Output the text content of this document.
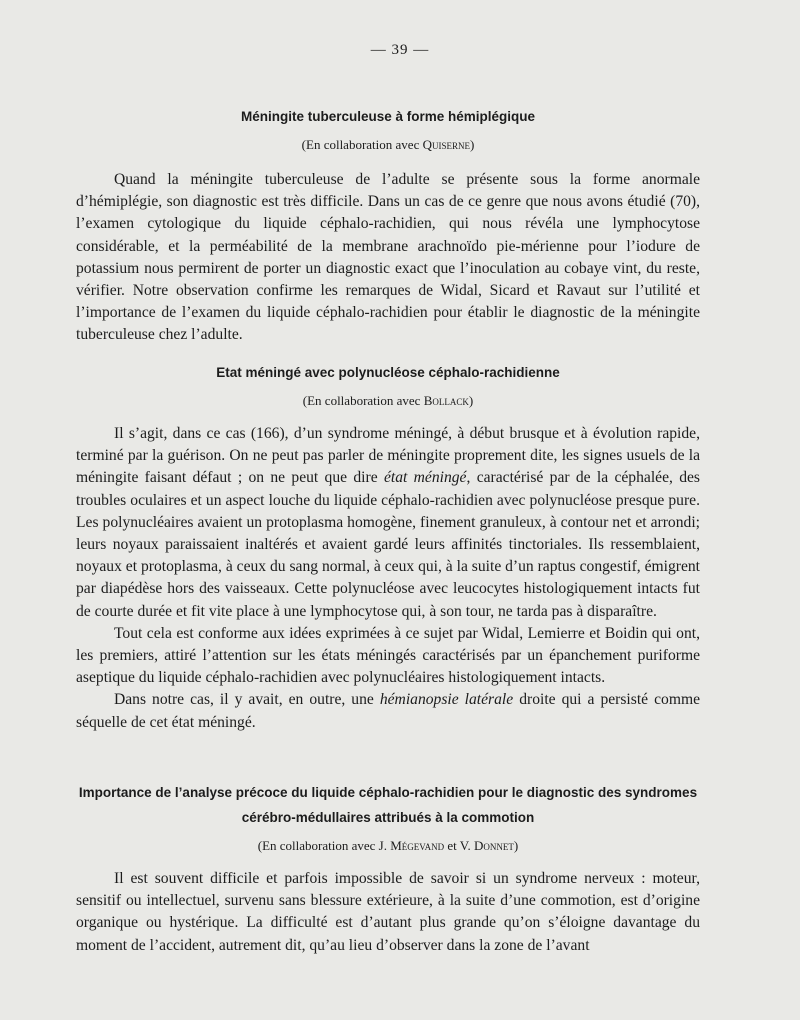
— 39 —
Méningite tuberculeuse à forme hémiplégique
(En collaboration avec Quiserne)

Quand la méningite tuberculeuse de l’adulte se présente sous la forme anormale d’hémiplégie, son diagnostic est très difficile. Dans un cas de ce genre que nous avons étudié (70), l’examen cytologique du liquide céphalo-rachidien, qui nous révéla une lymphocytose considérable, et la perméabilité de la membrane arachnoïdo pie-mérienne pour l’iodure de potassium nous permirent de porter un diagnostic exact que l’inoculation au cobaye vint, du reste, vérifier. Notre observation confirme les remarques de Widal, Sicard et Ravaut sur l’utilité et l’importance de l’examen du liquide céphalo-rachidien pour établir le diagnostic de la méningite tuberculeuse chez l’adulte.

Etat méningé avec polynucléose céphalo-rachidienne
(En collaboration avec Bollack)

Il s’agit, dans ce cas (166), d’un syndrome méningé, à début brusque et à évolution rapide, terminé par la guérison. On ne peut pas parler de méningite proprement dite, les signes usuels de la méningite faisant défaut ; on ne peut que dire état méningé, caractérisé par de la céphalée, des troubles oculaires et un aspect louche du liquide céphalo-rachidien avec polynucléose presque pure. Les polynucléaires avaient un protoplasma homogène, finement granuleux, à contour net et arrondi; leurs noyaux paraissaient inaltérés et avaient gardé leurs affinités tinctoriales. Ils ressemblaient, noyaux et protoplasma, à ceux du sang normal, à ceux qui, à la suite d’un raptus congestif, émigrent par diapédèse hors des vaisseaux. Cette polynucléose avec leucocytes histologiquement intacts fut de courte durée et fit vite place à une lymphocytose qui, à son tour, ne tarda pas à disparaître.

Tout cela est conforme aux idées exprimées à ce sujet par Widal, Lemierre et Boidin qui ont, les premiers, attiré l’attention sur les états méningés caractérisés par un épanchement puriforme aseptique du liquide céphalo-rachidien avec polynucléaires histologiquement intacts.

Dans notre cas, il y avait, en outre, une hémianopsie latérale droite qui a persisté comme séquelle de cet état méningé.

Importance de l’analyse précoce du liquide céphalo-rachidien pour le diagnostic des syndromes
cérébro-médullaires attribués à la commotion
(En collaboration avec J. Mégevand et V. Donnet)

Il est souvent difficile et parfois impossible de savoir si un syndrome nerveux : moteur, sensitif ou intellectuel, survenu sans blessure extérieure, à la suite d’une commotion, est d’origine organique ou hystérique. La difficulté est d’autant plus grande qu’on s’éloigne davantage du moment de l’accident, autrement dit, qu’au lieu d’observer dans la zone de l’avant
